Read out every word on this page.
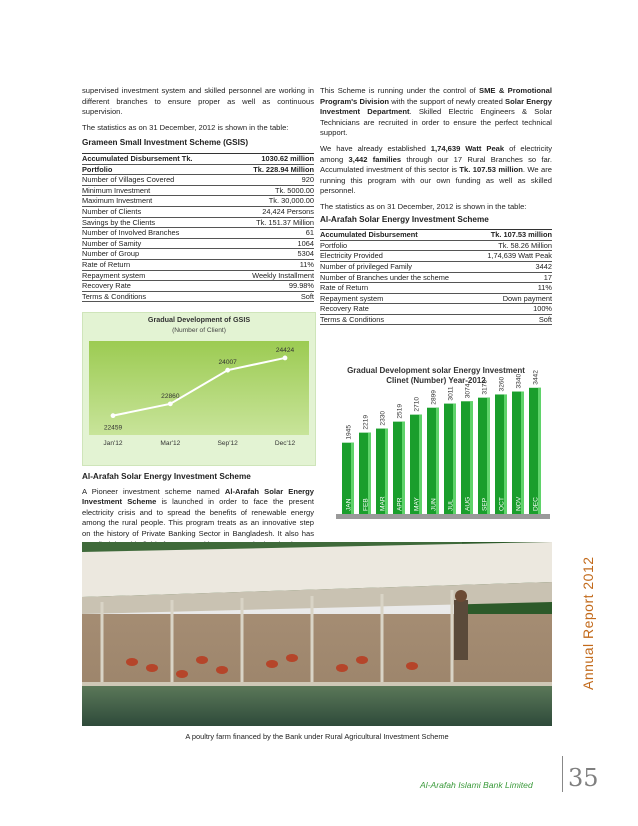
supervised investment system and skilled personnel are working in different branches to ensure proper as well as continuous supervision.

The statistics as on 31 December, 2012 is shown in the table:

Grameen Small Investment Scheme (GSIS)
Accumulated Disbursement Tk.	1030.62 million
Portfolio	Tk. 228.94 Million
Number of Villages Covered	920
Minimum Investment	Tk. 5000.00
Maximum Investment	Tk. 30,000.00
Number of Clients	24,424 Persons
Savings by the Clients	Tk. 151.37 Million
Number of Involved Branches	61
Number of Samity	1064
Number of Group	5304
Rate of Return	11%
Repayment system	Weekly Installment
Recovery Rate	99.98%
Terms & Conditions	Soft
Gradual Development of GSIS
(Number of Client)
22459
22860
24007
24424
Jan'12	Mar'12	Sep'12	Dec'12
Al-Arafah Solar Energy Investment Scheme

A Pioneer investment scheme named Al-Arafah Solar Energy Investment Scheme is launched in order to face the present electricity crisis and to spread the benefits of renewable energy among the rural people. This program treats as an innovative step on the history of Private Banking Sector in Bangladesh. It also has

This Scheme is running under the control of SME & Promotional Program's Division with the support of newly created Solar Energy Investment Department. Skilled Electric Engineers & Solar Technicians are recruited in order to ensure the perfect technical support.

We have already established 1,74,639 Watt Peak of electricity among 3,442 families through our 17 Rural Branches so far. Accumulated investment of this sector is Tk. 107.53 million. We are running this program with our own funding as well as skilled personnel.

The statistics as on 31 December, 2012 is shown in the table:

Al-Arafah Solar Energy Investment Scheme
Accumulated Disbursement	Tk. 107.53 million
Portfolio	Tk. 58.26 Million
Electricity Provided	1,74,639 Watt Peak
Number of privileged Family	3442
Number of Branches under the scheme	17
Rate of Return	11%
Repayment system	Down payment
Recovery Rate	100%
Terms & Conditions	Soft
Gradual Development solar Energy Investment Clinet (Number) Year-2012
JAN
1945
FEB
2219
MAR
2330
APR
2519
MAY
2710
JUN
2899
JUL
3011
AUG
3074
SEP
3173
OCT
3260
NOV
3340
DEC
3442
A poultry farm financed by the Bank under Rural Agricultural Investment Scheme
Annual Report 2012
Al-Arafah Islami Bank Limited 35
